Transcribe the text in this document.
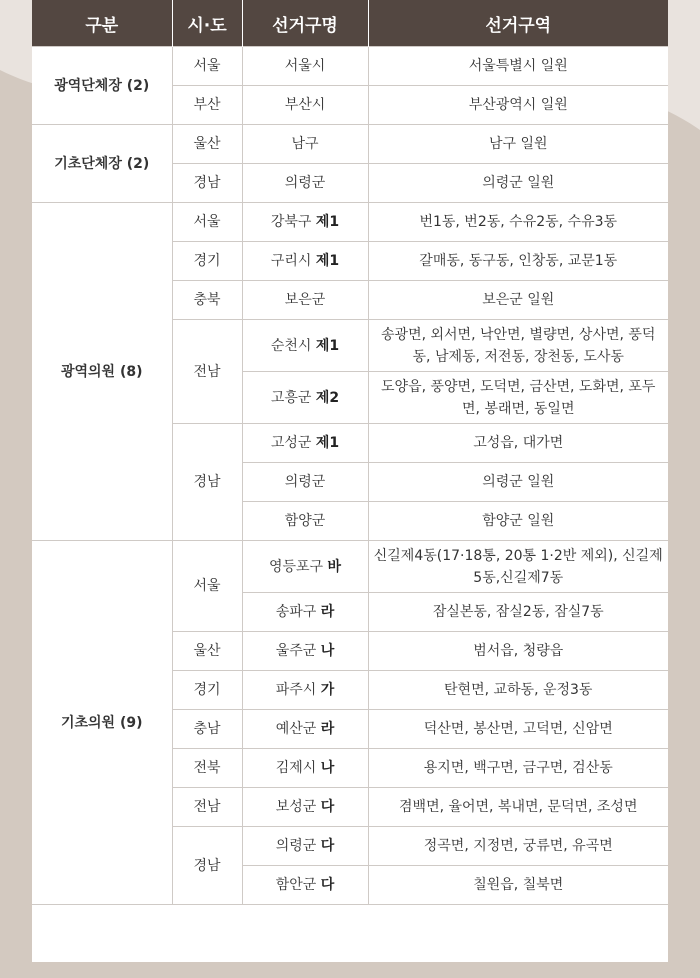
구분	시·도	선거구명	선거구역
광역단체장 (2)	서울	서울시	서울특별시 일원
	부산	부산시	부산광역시 일원
기초단체장 (2)	울산	남구	남구 일원
	경남	의령군	의령군 일원
광역의원 (8)	서울	강북구 제1	번1동, 번2동, 수유2동, 수유3동
	경기	구리시 제1	갈매동, 동구동, 인창동, 교문1동
	충북	보은군	보은군 일원
	전남	순천시 제1	송광면, 외서면, 낙안면, 별량면, 상사면, 풍덕동, 남제동, 저전동, 장천동, 도사동
		고흥군 제2	도양읍, 풍양면, 도덕면, 금산면, 도화면, 포두면, 봉래면, 동일면
	경남	고성군 제1	고성읍, 대가면
		의령군	의령군 일원
		함양군	함양군 일원
기초의원 (9)	서울	영등포구 바	신길제4동(17·18통, 20통 1·2반 제외), 신길제5동,신길제7동
		송파구 라	잠실본동, 잠실2동, 잠실7동
	울산	울주군 나	범서읍, 청량읍
	경기	파주시 가	탄현면, 교하동, 운정3동
	충남	예산군 라	덕산면, 봉산면, 고덕면, 신암면
	전북	김제시 나	용지면, 백구면, 금구면, 검산동
	전남	보성군 다	겸백면, 율어면, 복내면, 문덕면, 조성면
	경남	의령군 다	정곡면, 지정면, 궁류면, 유곡면
		함안군 다	칠원읍, 칠북면
